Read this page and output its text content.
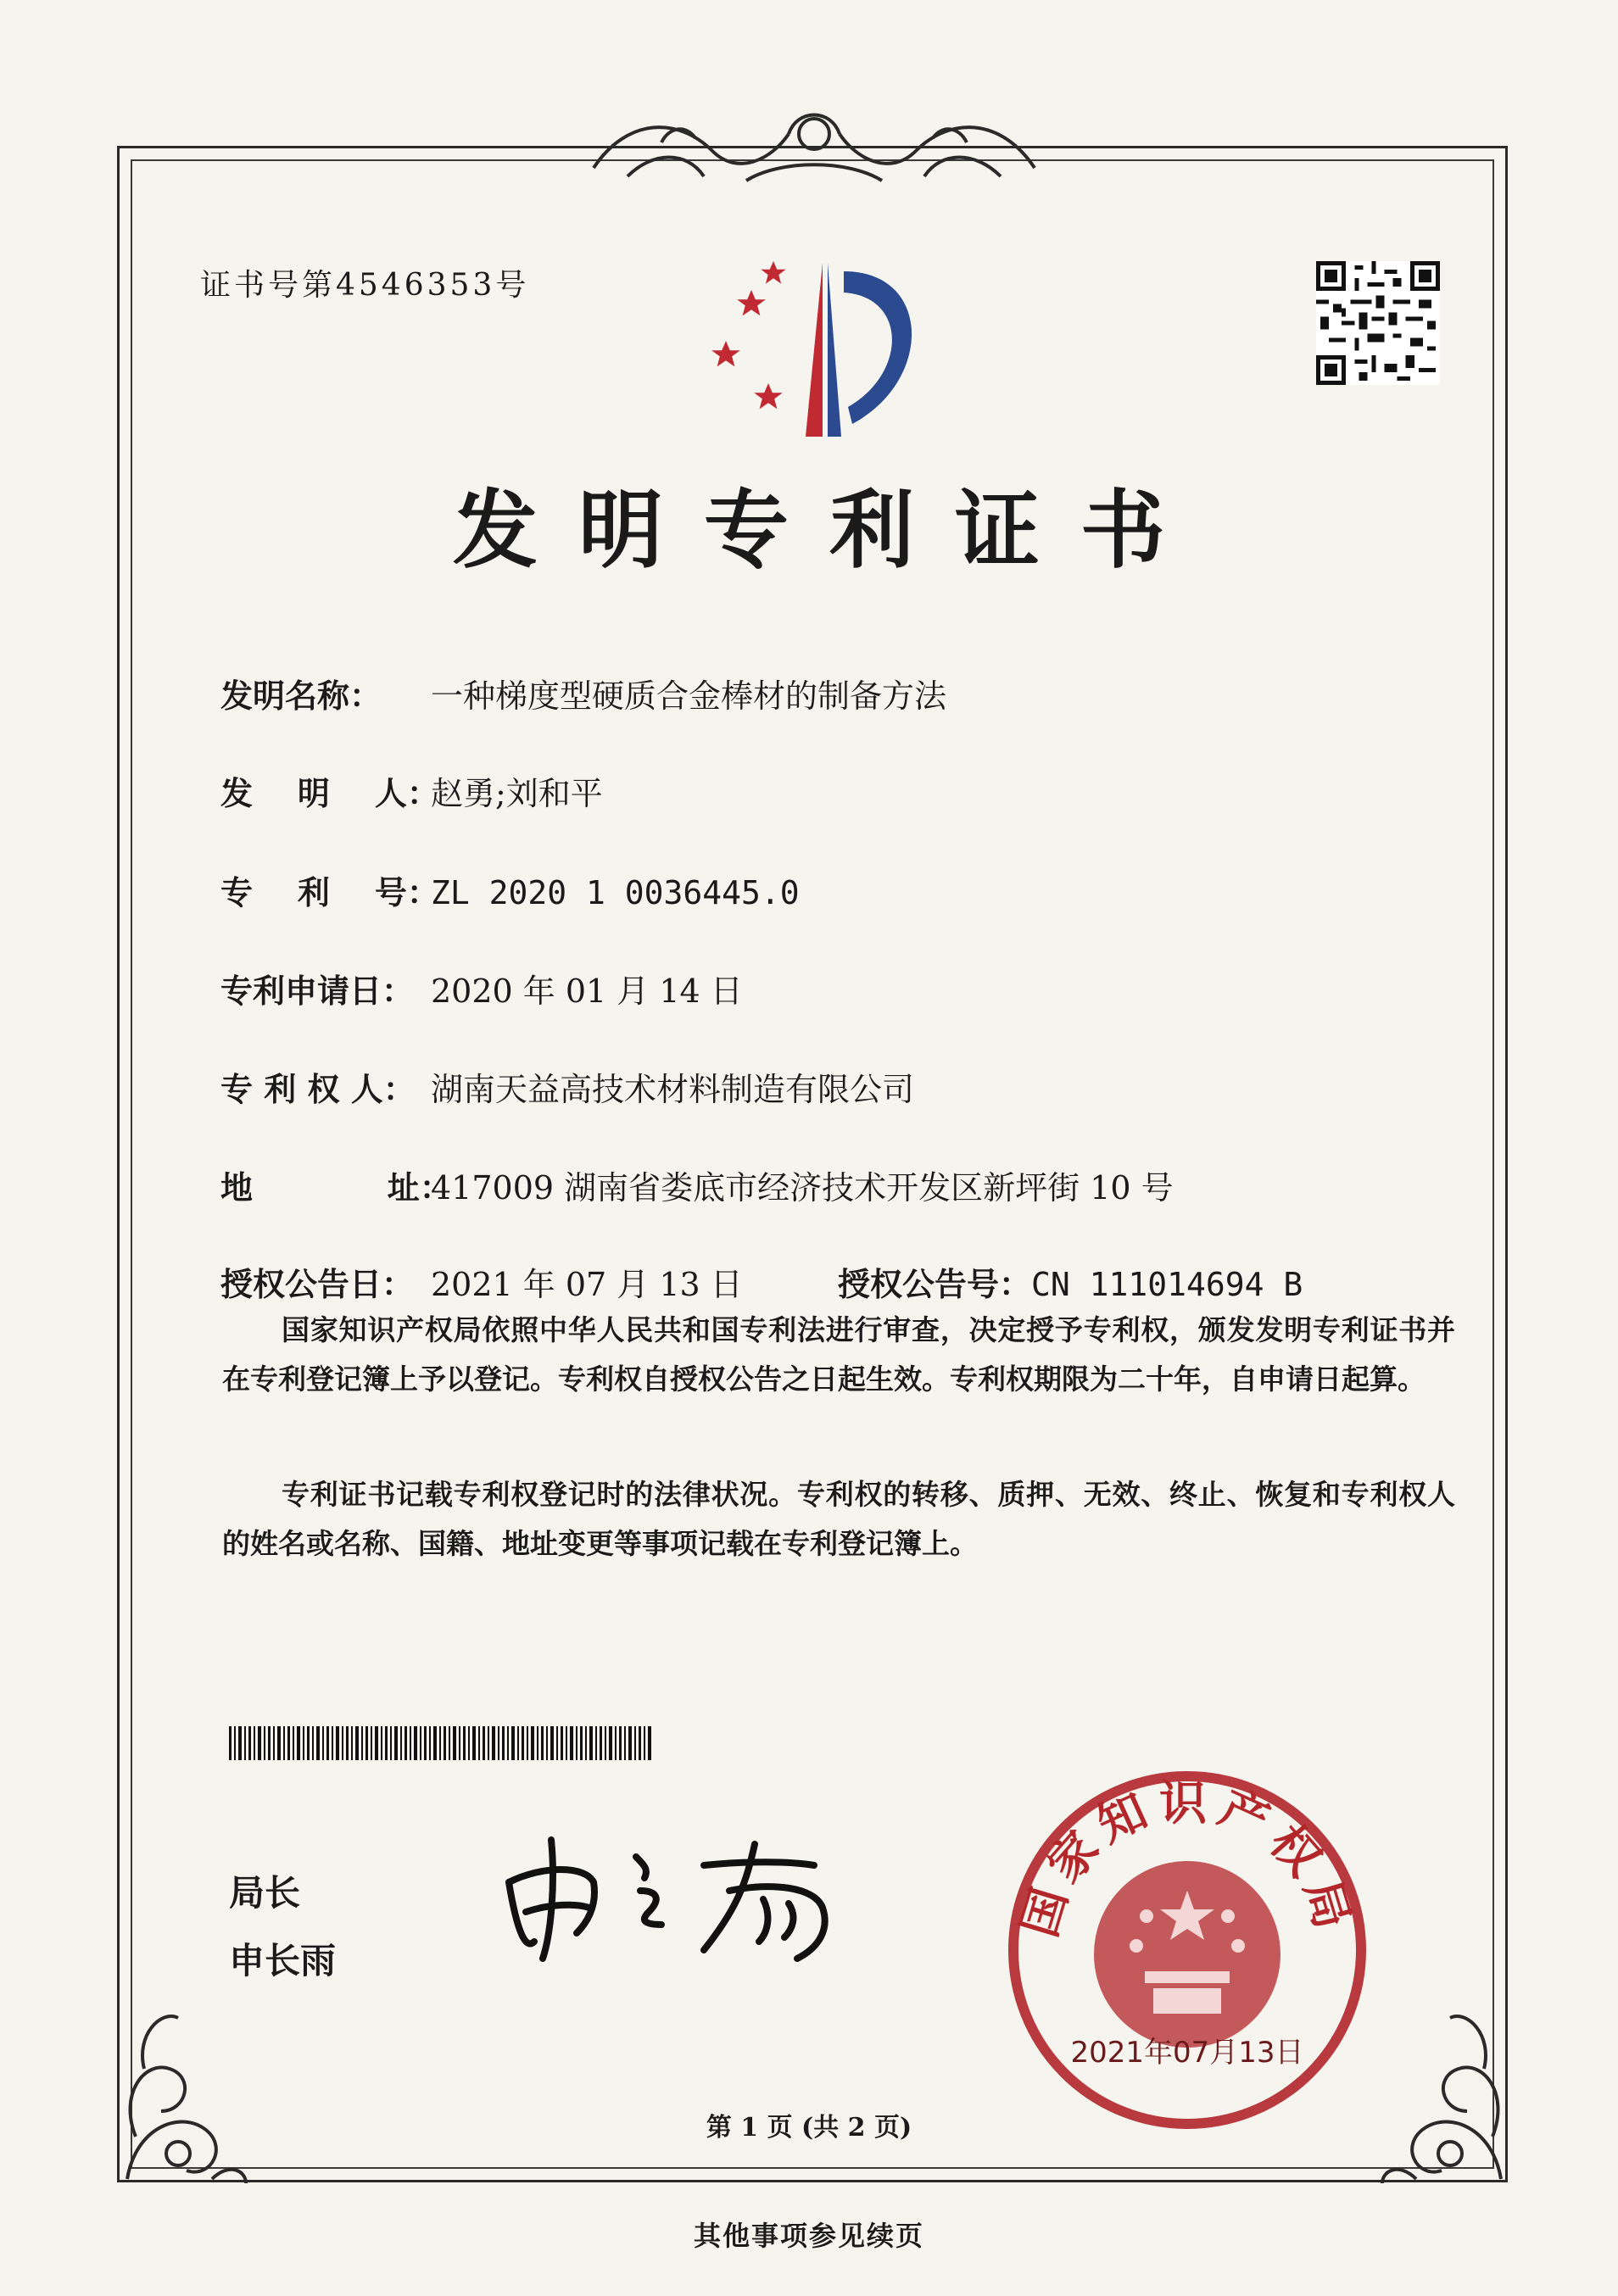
证书号第4546353号
发明专利证书
发明名称： 一种梯度型硬质合金棒材的制备方法
发    明    人：赵勇;刘和平
专    利    号：ZL 2020 1 0036445.0
专利申请日： 2020 年 01 月 14 日
专 利 权 人： 湖南天益高技术材料制造有限公司
地            址：417009 湖南省娄底市经济技术开发区新坪街 10 号
授权公告日： 2021 年 07 月 13 日	授权公告号：CN 111014694 B

国家知识产权局依照中华人民共和国专利法进行审查，决定授予专利权，颁发发明专利证书并在专利登记簿上予以登记。专利权自授权公告之日起生效。专利权期限为二十年，自申请日起算。

专利证书记载专利权登记时的法律状况。专利权的转移、质押、无效、终止、恢复和专利权人的姓名或名称、国籍、地址变更等事项记载在专利登记簿上。

局长
申长雨
国家知识产权局
2021年07月13日
第 1 页 (共 2 页)
其他事项参见续页
